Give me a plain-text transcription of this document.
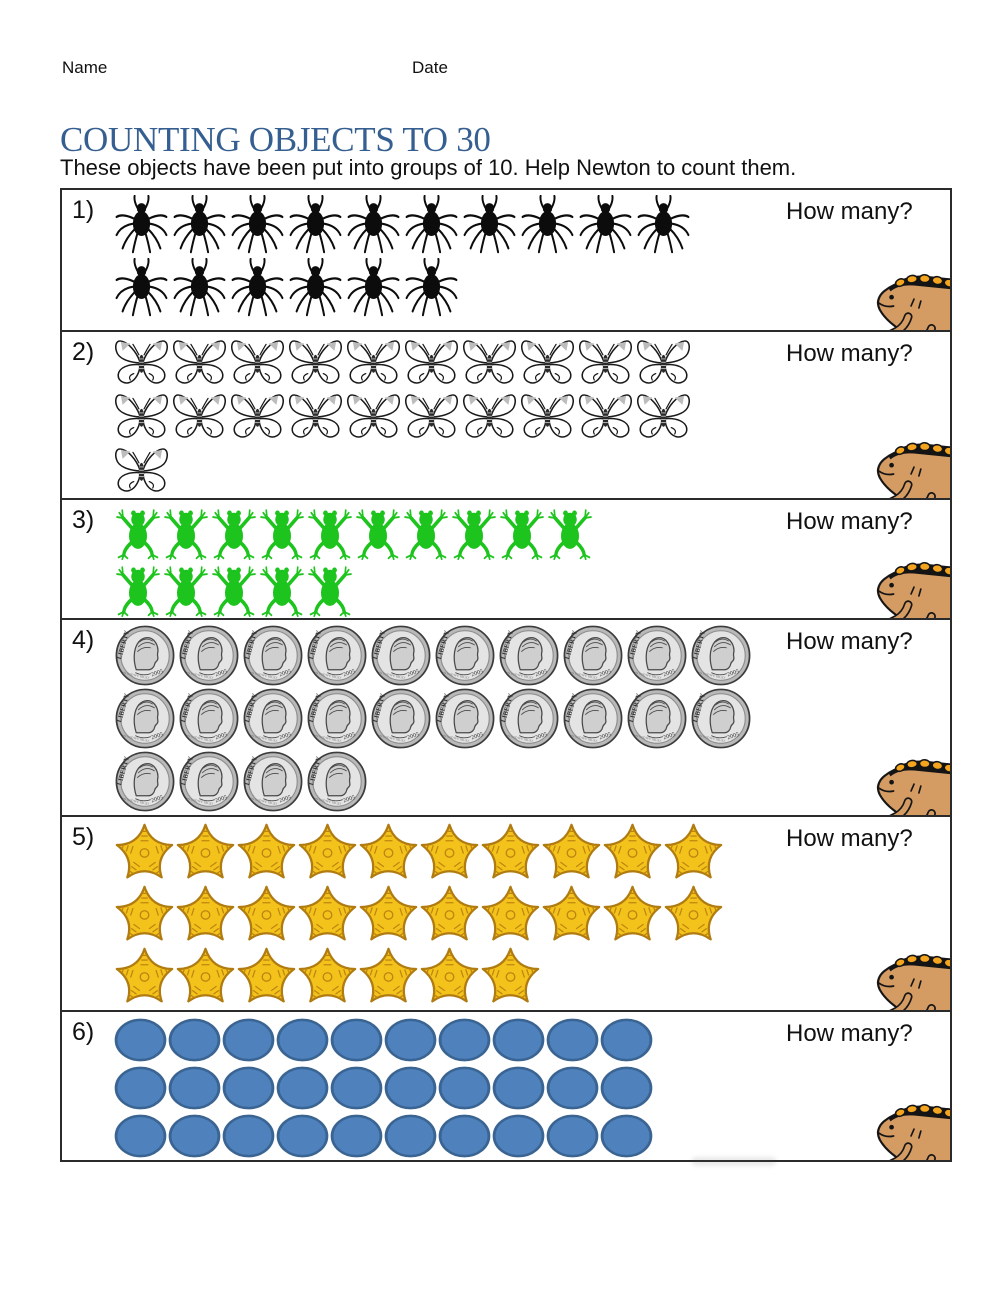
Name	Date
COUNTING OBJECTS TO 30
These objects have been put into groups of 10. Help Newton to count them.
1)	How many?
2)	How many?
3)	How many?
4)	How many?
5)	How many?
6)	How many?
